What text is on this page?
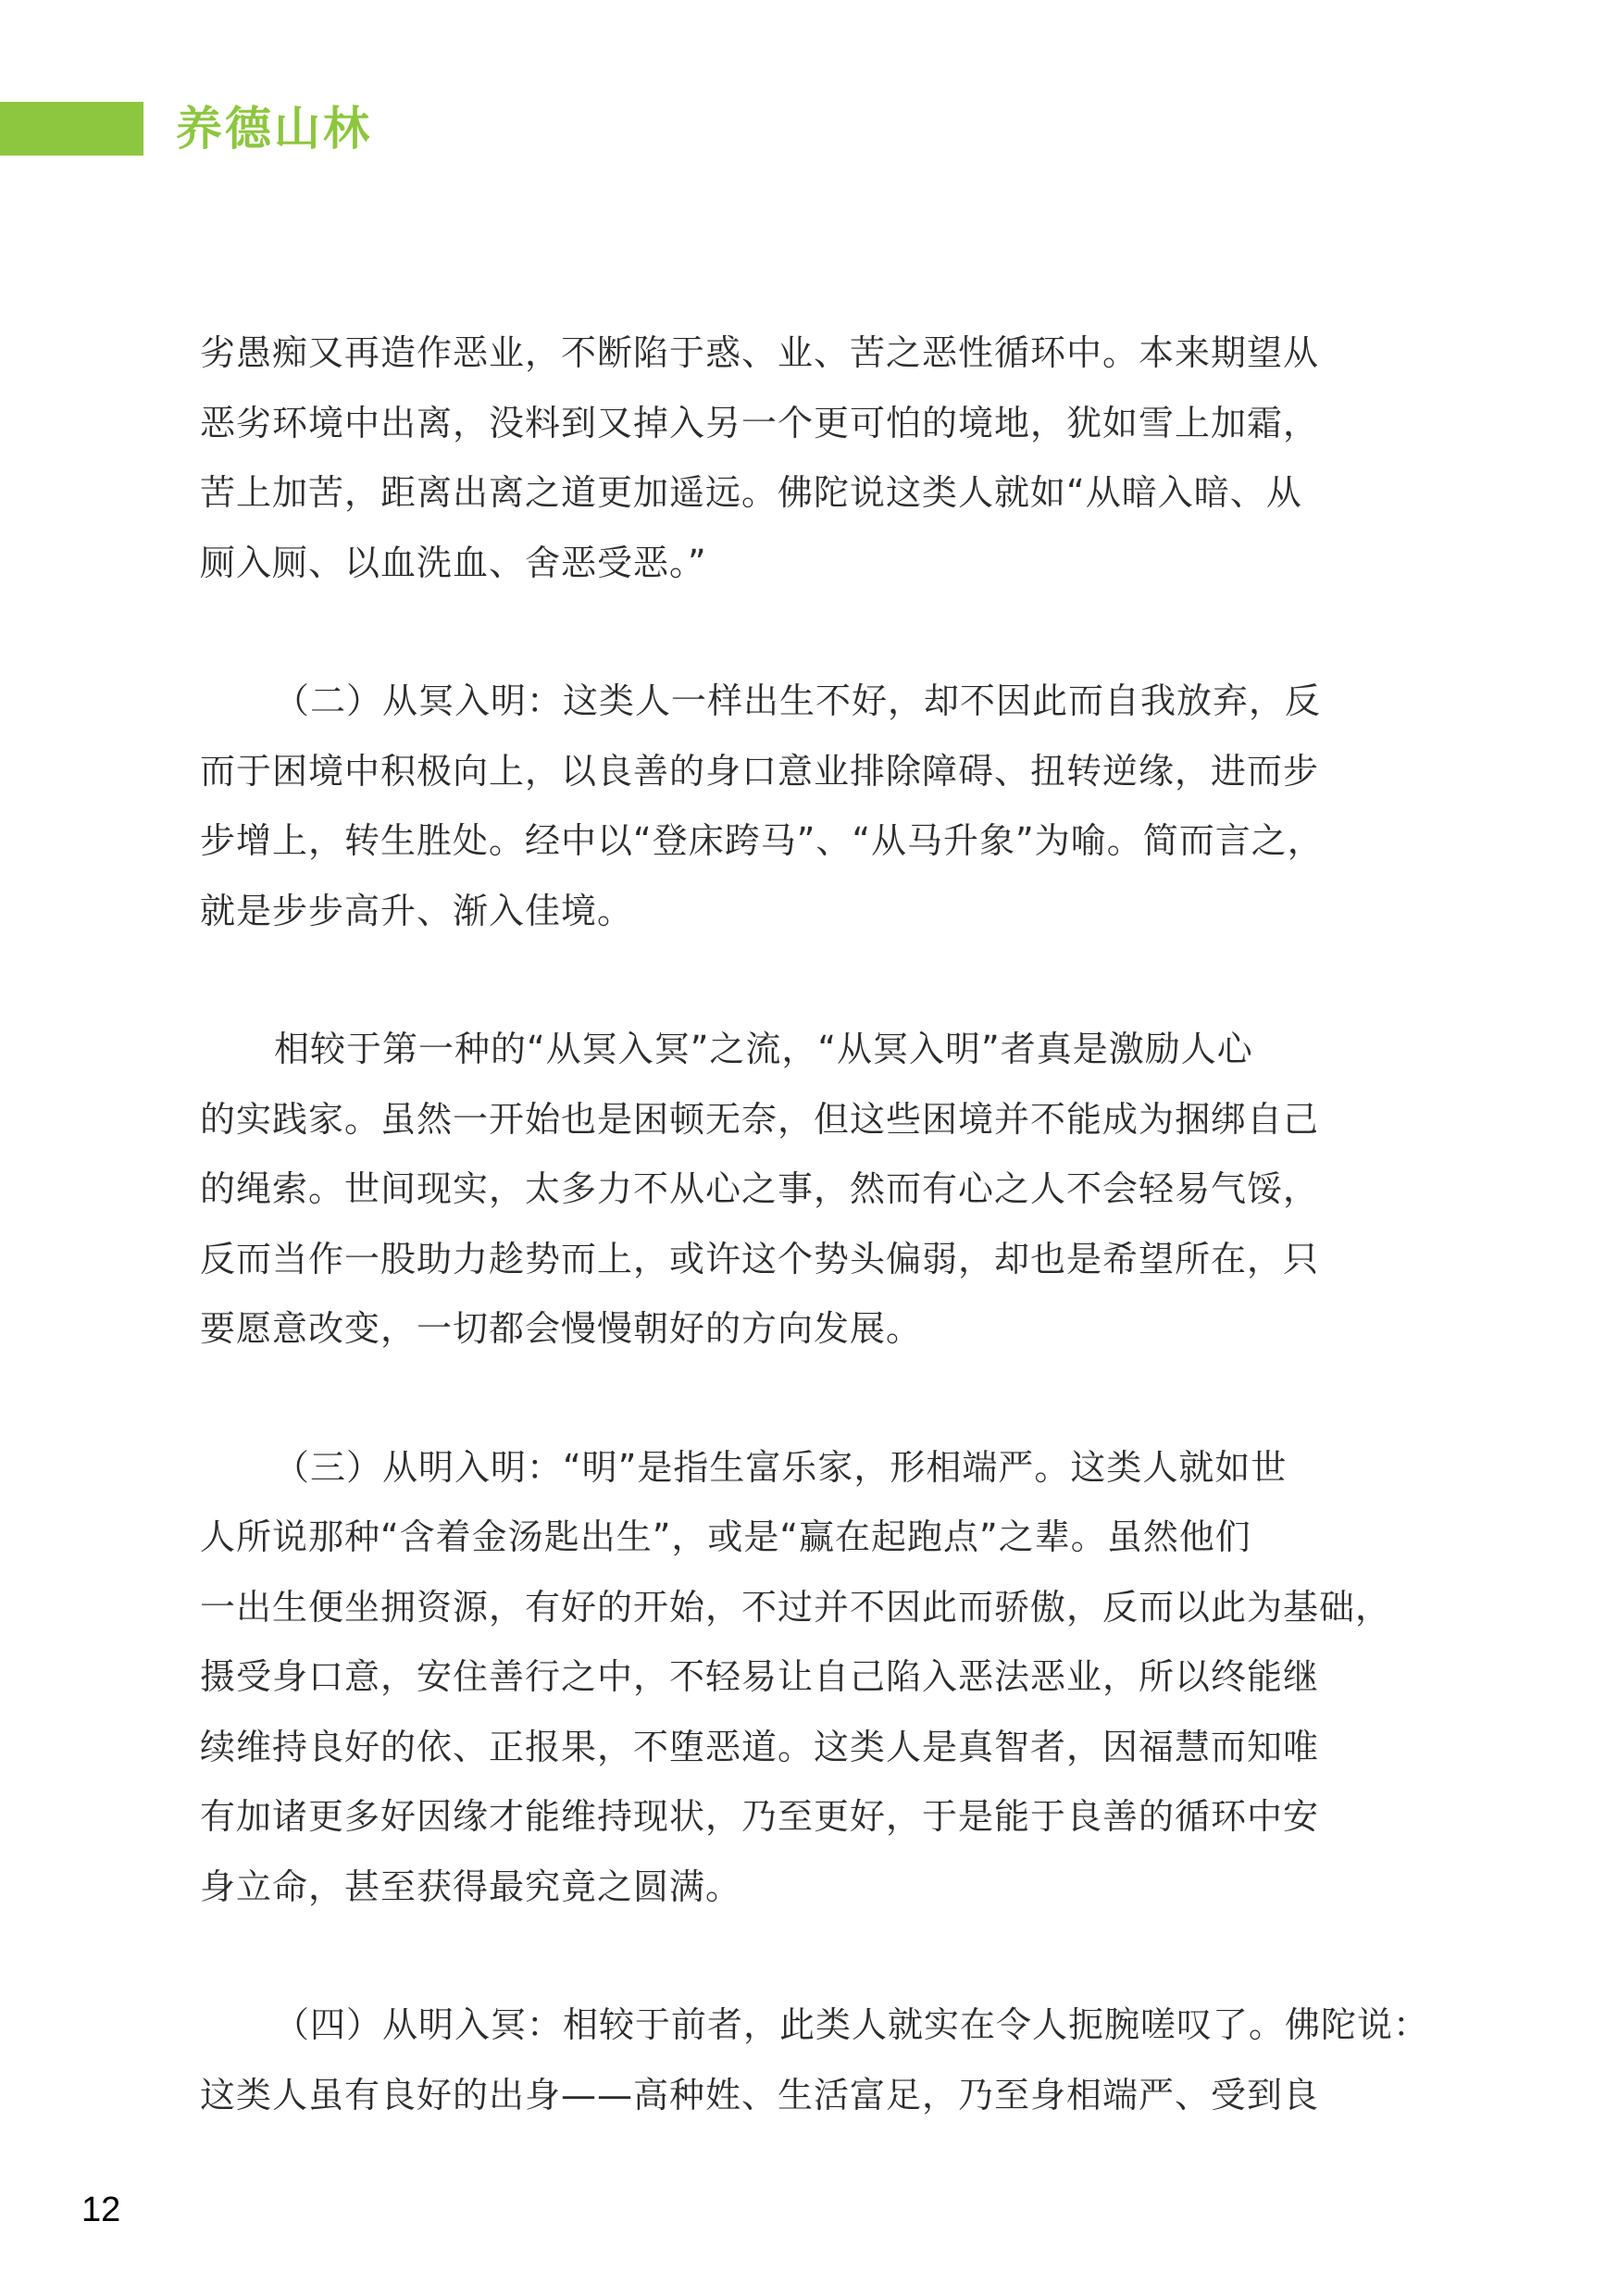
养德山林

劣愚痴又再造作恶业，不断陷于惑、业、苦之恶性循环中。本来期望从
恶劣环境中出离，没料到又掉入另一个更可怕的境地，犹如雪上加霜，
苦上加苦，距离出离之道更加遥远。佛陀说这类人就如“从暗入暗、从
厕入厕、以血洗血、舍恶受恶。”

（二）从冥入明：这类人一样出生不好，却不因此而自我放弃，反
而于困境中积极向上，以良善的身口意业排除障碍、扭转逆缘，进而步
步增上，转生胜处。经中以“登床跨马”、“从马升象”为喻。简而言之，
就是步步高升、渐入佳境。

相较于第一种的“从冥入冥”之流，“从冥入明”者真是激励人心
的实践家。虽然一开始也是困顿无奈，但这些困境并不能成为捆绑自己
的绳索。世间现实，太多力不从心之事，然而有心之人不会轻易气馁，
反而当作一股助力趁势而上，或许这个势头偏弱，却也是希望所在，只
要愿意改变，一切都会慢慢朝好的方向发展。

（三）从明入明：“明”是指生富乐家，形相端严。这类人就如世
人所说那种“含着金汤匙出生”，或是“赢在起跑点”之辈。虽然他们
一出生便坐拥资源，有好的开始，不过并不因此而骄傲，反而以此为基础，
摄受身口意，安住善行之中，不轻易让自己陷入恶法恶业，所以终能继
续维持良好的依、正报果，不堕恶道。这类人是真智者，因福慧而知唯
有加诸更多好因缘才能维持现状，乃至更好，于是能于良善的循环中安
身立命，甚至获得最究竟之圆满。

（四）从明入冥：相较于前者，此类人就实在令人扼腕嗟叹了。佛陀说：
这类人虽有良好的出身——高种姓、生活富足，乃至身相端严、受到良

12
